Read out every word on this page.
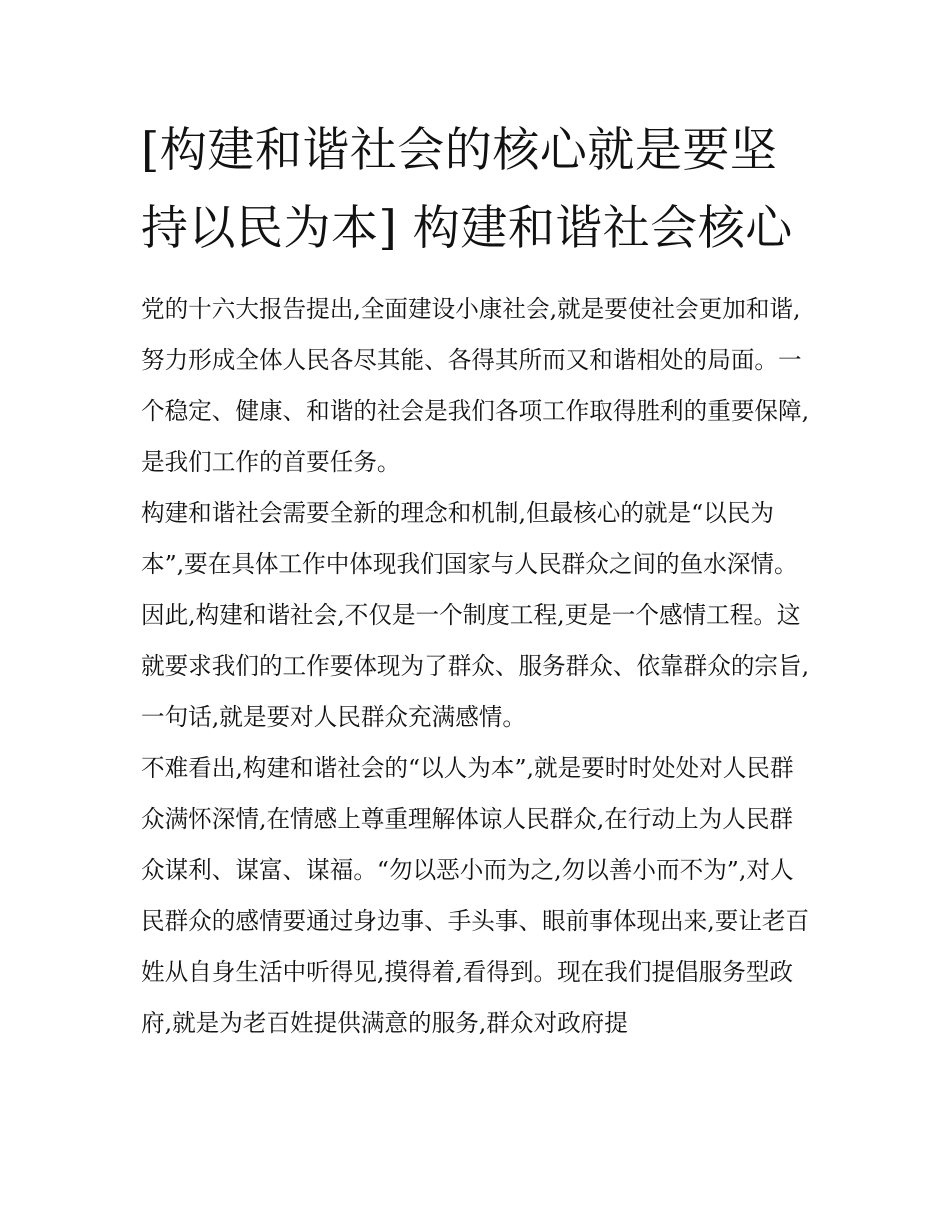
[构建和谐社会的核心就是要坚持以民为本] 构建和谐社会核心

党的十六大报告提出,全面建设小康社会,就是要使社会更加和谐,努力形成全体人民各尽其能、各得其所而又和谐相处的局面。一个稳定、健康、和谐的社会是我们各项工作取得胜利的重要保障,是我们工作的首要任务。

构建和谐社会需要全新的理念和机制,但最核心的就是“以民为本”,要在具体工作中体现我们国家与人民群众之间的鱼水深情。因此,构建和谐社会,不仅是一个制度工程,更是一个感情工程。这就要求我们的工作要体现为了群众、服务群众、依靠群众的宗旨,一句话,就是要对人民群众充满感情。

不难看出,构建和谐社会的“以人为本”,就是要时时处处对人民群众满怀深情,在情感上尊重理解体谅人民群众,在行动上为人民群众谋利、谋富、谋福。“勿以恶小而为之,勿以善小而不为”,对人民群众的感情要通过身边事、手头事、眼前事体现出来,要让老百姓从自身生活中听得见,摸得着,看得到。现在我们提倡服务型政府,就是为老百姓提供满意的服务,群众对政府提
